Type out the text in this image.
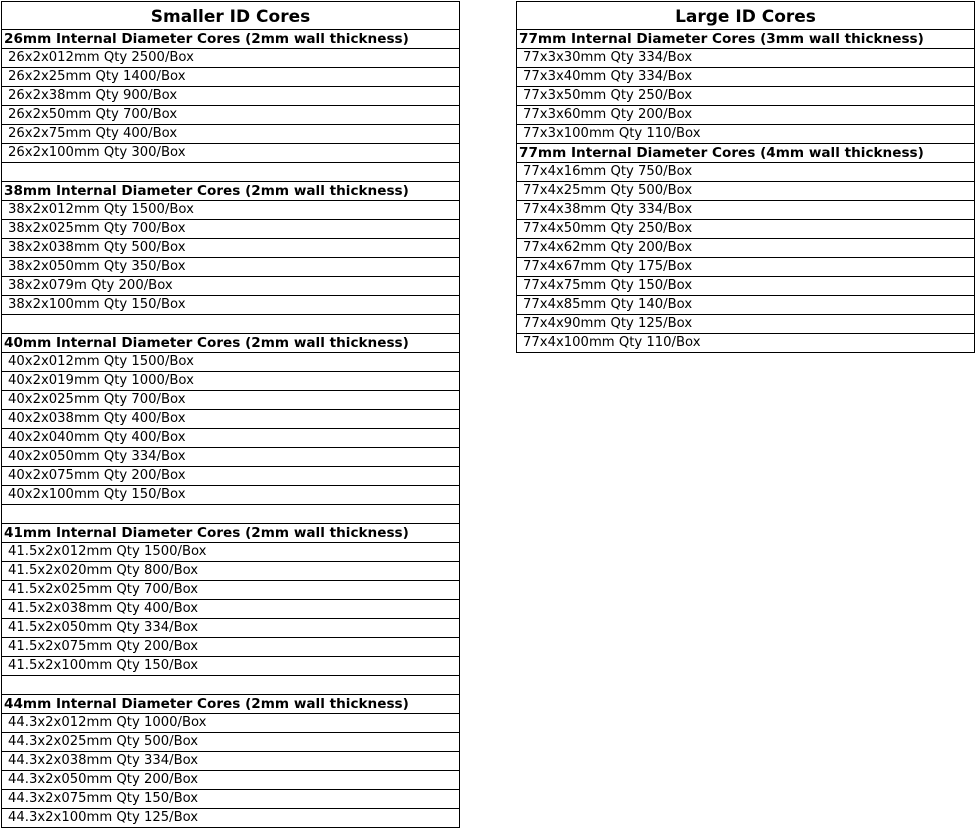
Smaller ID Cores
26mm Internal Diameter Cores (2mm wall thickness)
26x2x012mm Qty 2500/Box
26x2x25mm Qty 1400/Box
26x2x38mm Qty 900/Box
26x2x50mm Qty 700/Box
26x2x75mm Qty 400/Box
26x2x100mm Qty 300/Box
38mm Internal Diameter Cores (2mm wall thickness)
38x2x012mm Qty 1500/Box
38x2x025mm Qty 700/Box
38x2x038mm Qty 500/Box
38x2x050mm Qty 350/Box
38x2x079m Qty 200/Box
38x2x100mm Qty 150/Box
40mm Internal Diameter Cores (2mm wall thickness)
40x2x012mm Qty 1500/Box
40x2x019mm Qty 1000/Box
40x2x025mm Qty 700/Box
40x2x038mm Qty 400/Box
40x2x040mm Qty 400/Box
40x2x050mm Qty 334/Box
40x2x075mm Qty 200/Box
40x2x100mm Qty 150/Box
41mm Internal Diameter Cores (2mm wall thickness)
41.5x2x012mm Qty 1500/Box
41.5x2x020mm Qty 800/Box
41.5x2x025mm Qty 700/Box
41.5x2x038mm Qty 400/Box
41.5x2x050mm Qty 334/Box
41.5x2x075mm Qty 200/Box
41.5x2x100mm Qty 150/Box
44mm Internal Diameter Cores (2mm wall thickness)
44.3x2x012mm Qty 1000/Box
44.3x2x025mm Qty 500/Box
44.3x2x038mm Qty 334/Box
44.3x2x050mm Qty 200/Box
44.3x2x075mm Qty 150/Box
44.3x2x100mm Qty 125/Box
Large ID Cores
77mm Internal Diameter Cores (3mm wall thickness)
77x3x30mm Qty 334/Box
77x3x40mm Qty 334/Box
77x3x50mm Qty 250/Box
77x3x60mm Qty 200/Box
77x3x100mm Qty 110/Box
77mm Internal Diameter Cores (4mm wall thickness)
77x4x16mm Qty 750/Box
77x4x25mm Qty 500/Box
77x4x38mm Qty 334/Box
77x4x50mm Qty 250/Box
77x4x62mm Qty 200/Box
77x4x67mm Qty 175/Box
77x4x75mm Qty 150/Box
77x4x85mm Qty 140/Box
77x4x90mm Qty 125/Box
77x4x100mm Qty 110/Box
